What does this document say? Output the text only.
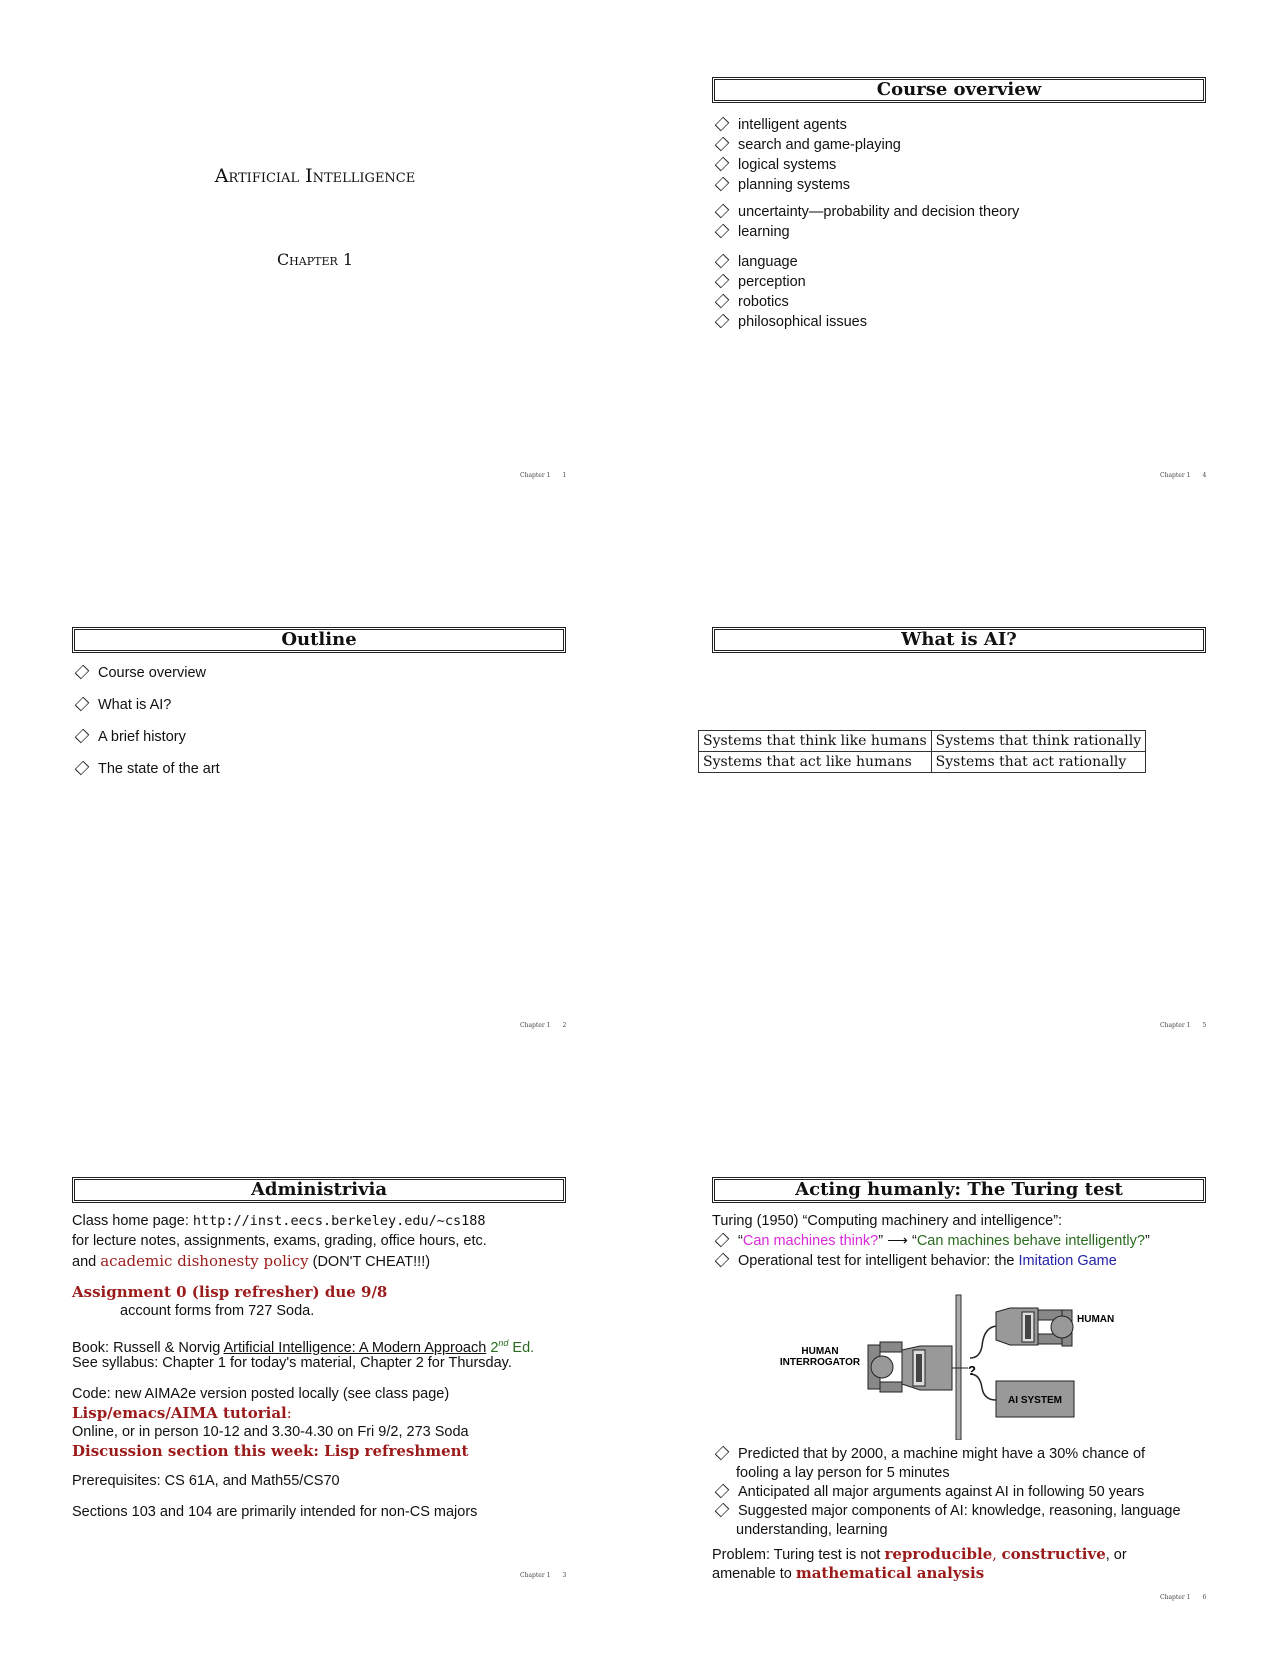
Artificial Intelligence
Chapter 1
Chapter 1 1
Course overview
intelligent agents
search and game-playing
logical systems
planning systems
uncertainty—probability and decision theory
learning
language
perception
robotics
philosophical issues
Chapter 1 4
Outline
Course overview
What is AI?
A brief history
The state of the art
Chapter 1 2
What is AI?
Systems that think like humans	Systems that think rationally
Systems that act like humans	Systems that act rationally
Chapter 1 5
Administrivia
Class home page: http://inst.eecs.berkeley.edu/~cs188
for lecture notes, assignments, exams, grading, office hours, etc.
and academic dishonesty policy (DON'T CHEAT!!!)
Assignment 0 (lisp refresher) due 9/8
account forms from 727 Soda.
Book: Russell & Norvig Artificial Intelligence: A Modern Approach 2nd Ed.
See syllabus: Chapter 1 for today's material, Chapter 2 for Thursday.
Code: new AIMA2e version posted locally (see class page)
Lisp/emacs/AIMA tutorial:
Online, or in person 10-12 and 3.30-4.30 on Fri 9/2, 273 Soda
Discussion section this week: Lisp refreshment
Prerequisites: CS 61A, and Math55/CS70
Sections 103 and 104 are primarily intended for non-CS majors
Chapter 1 3
Acting humanly: The Turing test
Turing (1950) “Computing machinery and intelligence”:
“Can machines think?” ⟶ “Can machines behave intelligently?”
Operational test for intelligent behavior: the Imitation Game
HUMAN
INTERROGATOR
?
HUMAN
AI SYSTEM
Predicted that by 2000, a machine might have a 30% chance of
fooling a lay person for 5 minutes
Anticipated all major arguments against AI in following 50 years
Suggested major components of AI: knowledge, reasoning, language
understanding, learning
Problem: Turing test is not reproducible, constructive, or
amenable to mathematical analysis
Chapter 1 6
